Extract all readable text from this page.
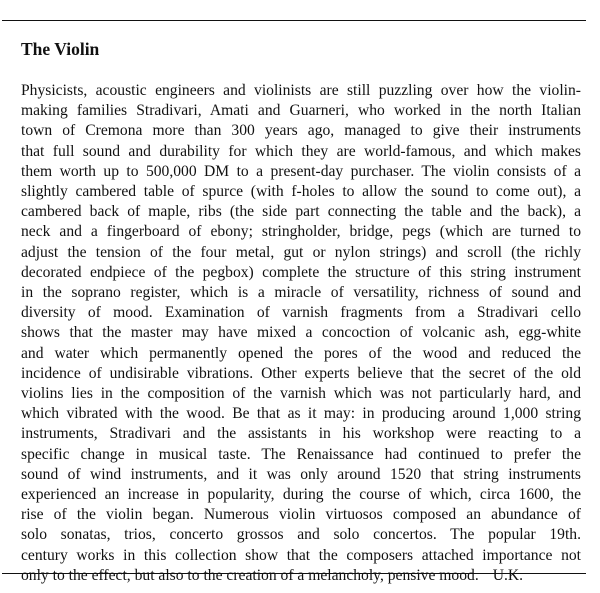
The Violin
Physicists, acoustic engineers and violinists are still puzzling over how the violin-
making families Stradivari, Amati and Guarneri, who worked in the north Italian
town of Cremona more than 300 years ago, managed to give their instruments
that full sound and durability for which they are world-famous, and which makes
them worth up to 500,000 DM to a present-day purchaser. The violin consists of a
slightly cambered table of spurce (with f-holes to allow the sound to come out), a
cambered back of maple, ribs (the side part connecting the table and the back), a
neck and a fingerboard of ebony; stringholder, bridge, pegs (which are turned to
adjust the tension of the four metal, gut or nylon strings) and scroll (the richly
decorated endpiece of the pegbox) complete the structure of this string instrument
in the soprano register, which is a miracle of versatility, richness of sound and
diversity of mood. Examination of varnish fragments from a Stradivari cello
shows that the master may have mixed a concoction of volcanic ash, egg-white
and water which permanently opened the pores of the wood and reduced the
incidence of undisirable vibrations. Other experts believe that the secret of the old
violins lies in the composition of the varnish which was not particularly hard, and
which vibrated with the wood. Be that as it may: in producing around 1,000 string
instruments, Stradivari and the assistants in his workshop were reacting to a
specific change in musical taste. The Renaissance had continued to prefer the
sound of wind instruments, and it was only around 1520 that string instruments
experienced an increase in popularity, during the course of which, circa 1600, the
rise of the violin began. Numerous violin virtuosos composed an abundance of
solo sonatas, trios, concerto grossos and solo concertos. The popular 19th.
century works in this collection show that the composers attached importance not
only to the effect, but also to the creation of a melancholy, pensive mood. U.K.
